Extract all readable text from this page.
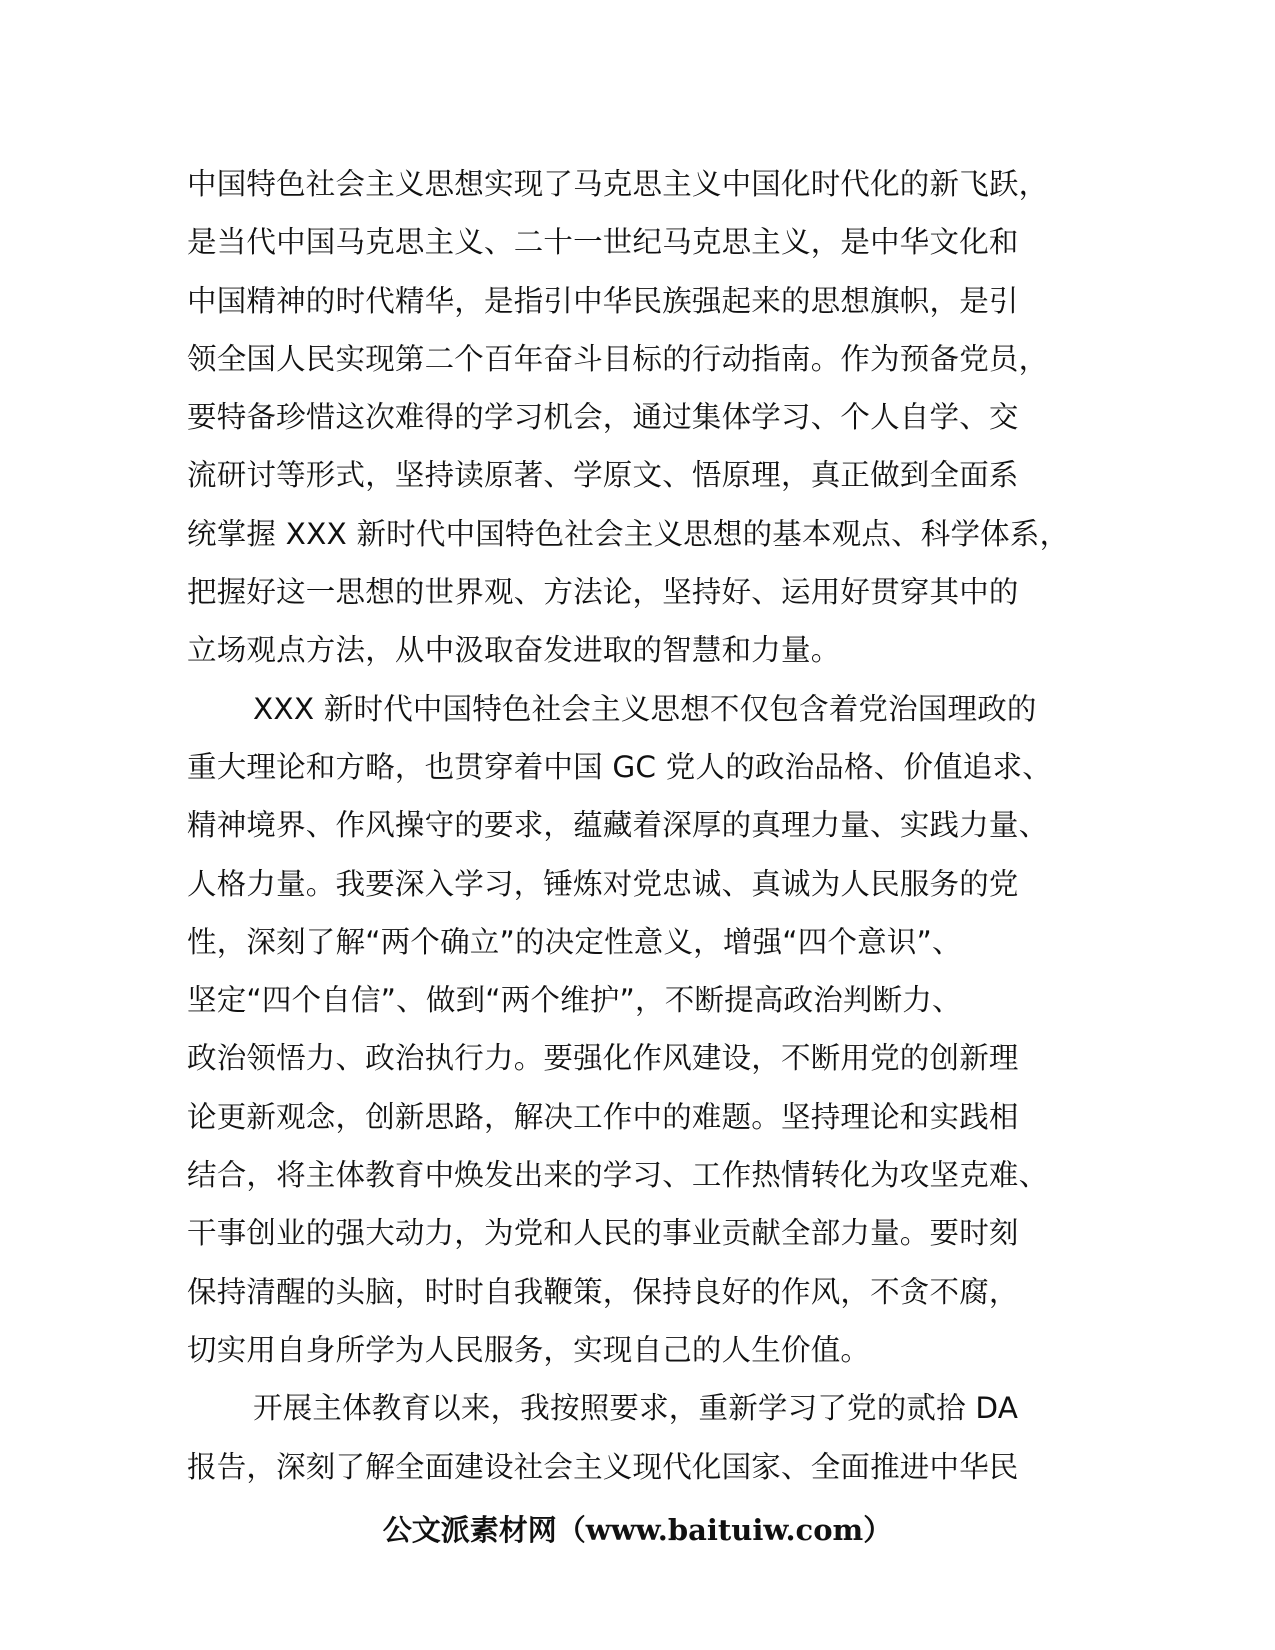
中国特色社会主义思想实现了马克思主义中国化时代化的新飞跃，
是当代中国马克思主义、二十一世纪马克思主义，是中华文化和
中国精神的时代精华，是指引中华民族强起来的思想旗帜，是引
领全国人民实现第二个百年奋斗目标的行动指南。作为预备党员，
要特备珍惜这次难得的学习机会，通过集体学习、个人自学、交
流研讨等形式，坚持读原著、学原文、悟原理，真正做到全面系
统掌握 XXX 新时代中国特色社会主义思想的基本观点、科学体系，
把握好这一思想的世界观、方法论，坚持好、运用好贯穿其中的
立场观点方法，从中汲取奋发进取的智慧和力量。
XXX 新时代中国特色社会主义思想不仅包含着党治国理政的
重大理论和方略，也贯穿着中国 GC 党人的政治品格、价值追求、
精神境界、作风操守的要求，蕴藏着深厚的真理力量、实践力量、
人格力量。我要深入学习，锤炼对党忠诚、真诚为人民服务的党
性，深刻了解“两个确立”的决定性意义，增强“四个意识”、
坚定“四个自信”、做到“两个维护”，不断提高政治判断力、
政治领悟力、政治执行力。要强化作风建设，不断用党的创新理
论更新观念，创新思路，解决工作中的难题。坚持理论和实践相
结合，将主体教育中焕发出来的学习、工作热情转化为攻坚克难、
干事创业的强大动力，为党和人民的事业贡献全部力量。要时刻
保持清醒的头脑，时时自我鞭策，保持良好的作风，不贪不腐，
切实用自身所学为人民服务，实现自己的人生价值。
开展主体教育以来，我按照要求，重新学习了党的贰拾 DA
报告，深刻了解全面建设社会主义现代化国家、全面推进中华民
公文派素材网（www.baituiw.com）
